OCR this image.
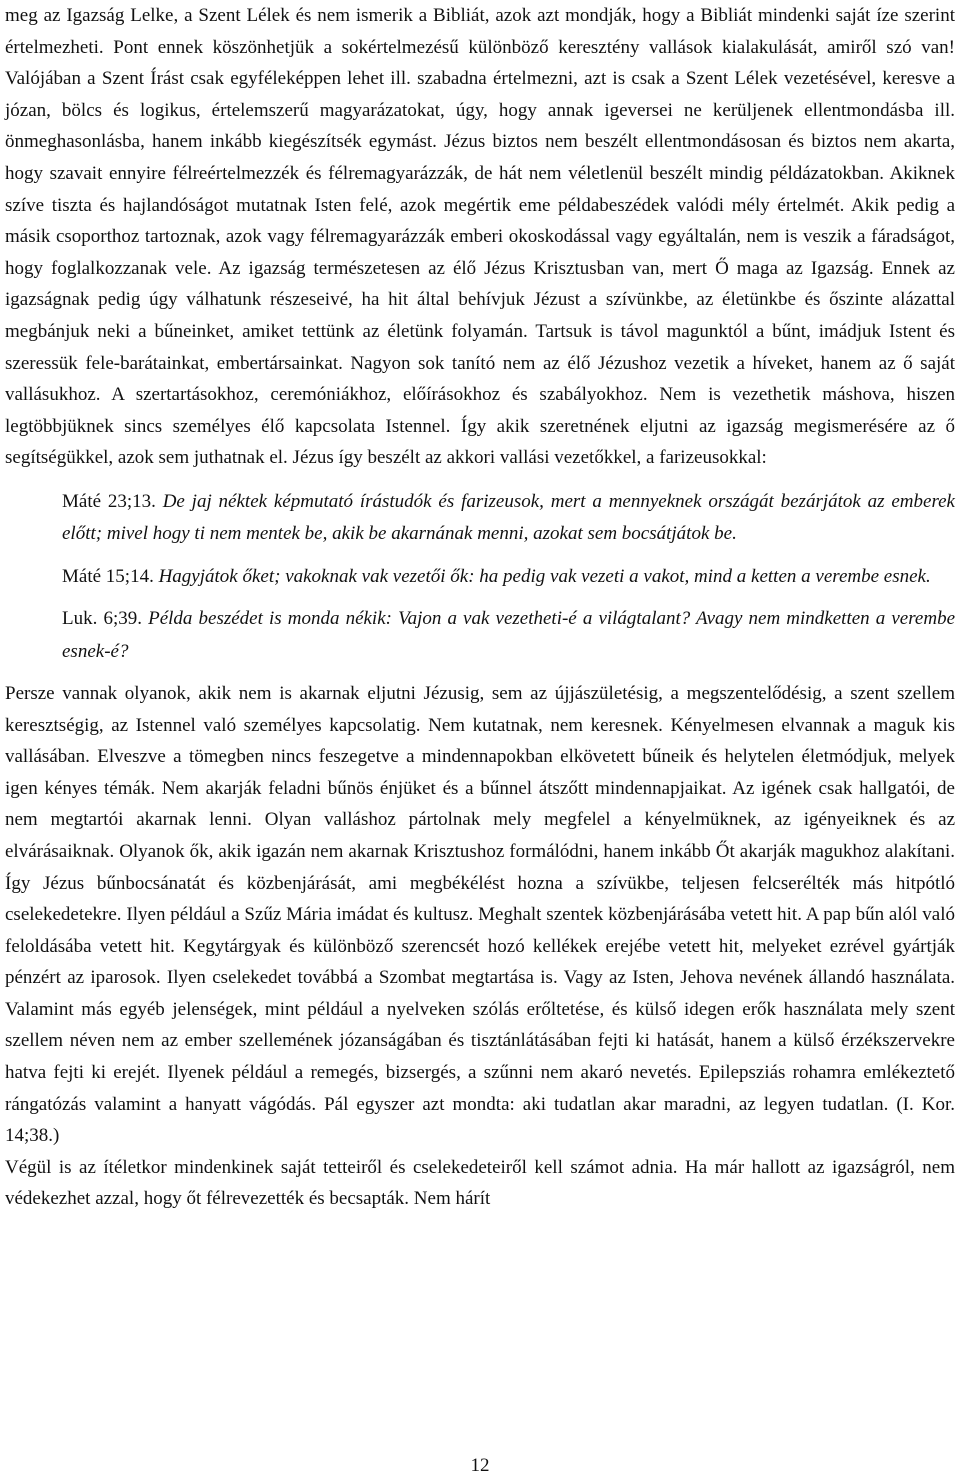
meg az Igazság Lelke, a Szent Lélek és nem ismerik a Bibliát, azok azt mondják, hogy a Bibliát mindenki saját íze szerint értelmezheti. Pont ennek köszönhetjük a sokértelmezésű különböző keresztény vallások kialakulását, amiről szó van! Valójában a Szent Írást csak egyféleképpen lehet ill. szabadna értelmezni, azt is csak a Szent Lélek vezetésével, keresve a józan, bölcs és logikus, értelemszerű magyarázatokat, úgy, hogy annak igeversei ne kerüljenek ellentmondásba ill. önmeghasonlásba, hanem inkább kiegészítsék egymást. Jézus biztos nem beszélt ellentmondásosan és biztos nem akarta, hogy szavait ennyire félreértelmezzék és félremagyarázzák, de hát nem véletlenül beszélt mindig példázatokban. Akiknek szíve tiszta és hajlandóságot mutatnak Isten felé, azok megértik eme példabeszédek valódi mély értelmét. Akik pedig a másik csoporthoz tartoznak, azok vagy félremagyarázzák emberi okoskodással vagy egyáltalán, nem is veszik a fáradságot, hogy foglalkozzanak vele. Az igazság természetesen az élő Jézus Krisztusban van, mert Ő maga az Igazság. Ennek az igazságnak pedig úgy válhatunk részeseivé, ha hit által behívjuk Jézust a szívünkbe, az életünkbe és őszinte alázattal megbánjuk neki a bűneinket, amiket tettünk az életünk folyamán. Tartsuk is távol magunktól a bűnt, imádjuk Istent és szeressük fele-barátainkat, embertársainkat. Nagyon sok tanító nem az élő Jézushoz vezetik a híveket, hanem az ő saját vallásukhoz. A szertartásokhoz, ceremóniákhoz, előírásokhoz és szabályokhoz. Nem is vezethetik máshova, hiszen legtöbbjüknek sincs személyes élő kapcsolata Istennel. Így akik szeretnének eljutni az igazság megismerésére az ő segítségükkel, azok sem juthatnak el. Jézus így beszélt az akkori vallási vezetőkkel, a farizeusokkal:

Máté 23;13. De jaj néktek képmutató írástudók és farizeusok, mert a mennyeknek országát bezárjátok az emberek előtt; mivel hogy ti nem mentek be, akik be akarnának menni, azokat sem bocsátjátok be.

Máté 15;14. Hagyjátok őket; vakoknak vak vezetői ők: ha pedig vak vezeti a vakot, mind a ketten a verembe esnek.

Luk. 6;39. Példa beszédet is monda nékik: Vajon a vak vezetheti-é a világtalant? Avagy nem mindketten a verembe esnek-é?

Persze vannak olyanok, akik nem is akarnak eljutni Jézusig, sem az újjászületésig, a megszentelődésig, a szent szellem keresztségig, az Istennel való személyes kapcsolatig. Nem kutatnak, nem keresnek. Kényelmesen elvannak a maguk kis vallásában. Elveszve a tömegben nincs feszegetve a mindennapokban elkövetett bűneik és helytelen életmódjuk, melyek igen kényes témák. Nem akarják feladni bűnös énjüket és a bűnnel átszőtt mindennapjaikat. Az igének csak hallgatói, de nem megtartói akarnak lenni. Olyan valláshoz pártolnak mely megfelel a kényelmüknek, az igényeiknek és az elvárásaiknak. Olyanok ők, akik igazán nem akarnak Krisztushoz formálódni, hanem inkább Őt akarják magukhoz alakítani. Így Jézus bűnbocsánatát és közbenjárását, ami megbékélést hozna a szívükbe, teljesen felcserélték más hitpótló cselekedetekre. Ilyen például a Szűz Mária imádat és kultusz. Meghalt szentek közbenjárásába vetett hit. A pap bűn alól való feloldásába vetett hit. Kegytárgyak és különböző szerencsét hozó kellékek erejébe vetett hit, melyeket ezrével gyártják pénzért az iparosok. Ilyen cselekedet továbbá a Szombat megtartása is. Vagy az Isten, Jehova nevének állandó használata. Valamint más egyéb jelenségek, mint például a nyelveken szólás erőltetése, és külső idegen erők használata mely szent szellem néven nem az ember szellemének józanságában és tisztánlátásában fejti ki hatását, hanem a külső érzékszervekre hatva fejti ki erejét. Ilyenek például a remegés, bizsergés, a szűnni nem akaró nevetés. Epilepsziás rohamra emlékeztető rángatózás valamint a hanyatt vágódás. Pál egyszer azt mondta: aki tudatlan akar maradni, az legyen tudatlan. (I. Kor. 14;38.)

Végül is az ítéletkor mindenkinek saját tetteiről és cselekedeteiről kell számot adnia. Ha már hallott az igazságról, nem védekezhet azzal, hogy őt félrevezették és becsapták. Nem hárít

12
